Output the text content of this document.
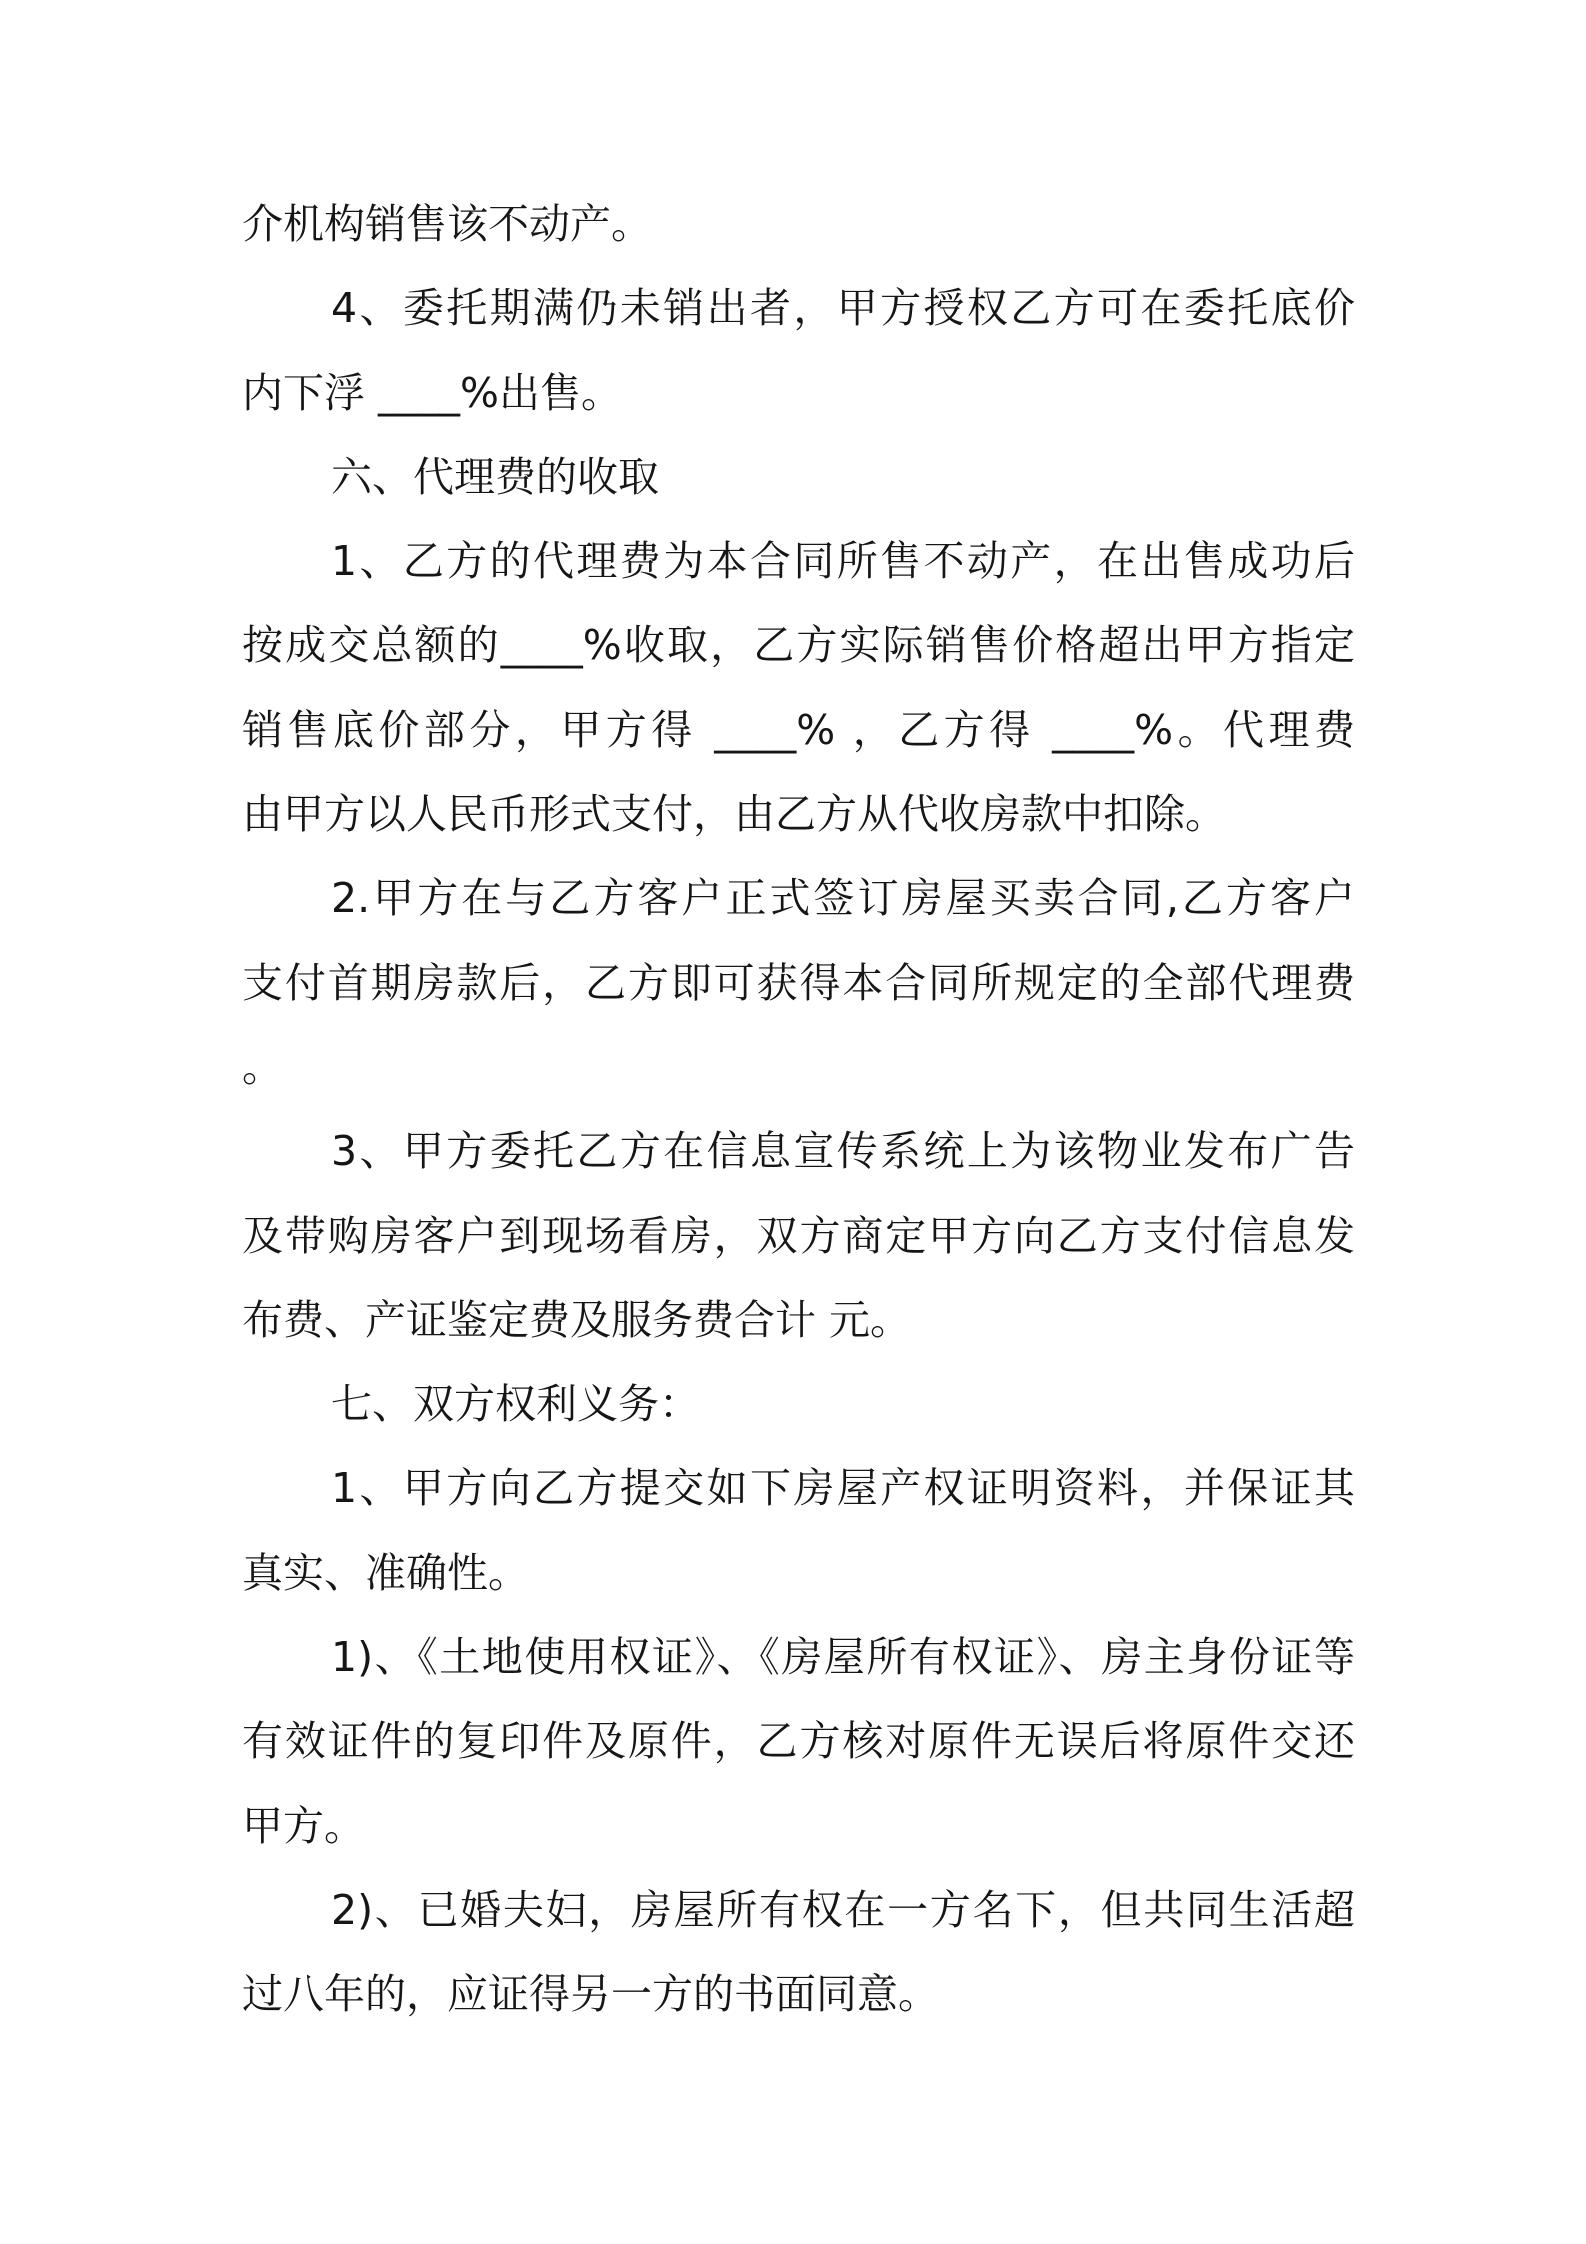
介机构销售该不动产。
4、委托期满仍未销出者，甲方授权乙方可在委托底价
内下浮 ____%出售。
六、代理费的收取
1、乙方的代理费为本合同所售不动产，在出售成功后
按成交总额的____%收取，乙方实际销售价格超出甲方指定
销售底价部分，甲方得 ____% ，乙方得 ____%。代理费
由甲方以人民币形式支付，由乙方从代收房款中扣除。
2.甲方在与乙方客户正式签订房屋买卖合同,乙方客户
支付首期房款后，乙方即可获得本合同所规定的全部代理费
。
3、甲方委托乙方在信息宣传系统上为该物业发布广告
及带购房客户到现场看房，双方商定甲方向乙方支付信息发
布费、产证鉴定费及服务费合计 元。
七、双方权利义务：
1、甲方向乙方提交如下房屋产权证明资料，并保证其
真实、准确性。
1)、《土地使用权证》、《房屋所有权证》、房主身份证等
有效证件的复印件及原件，乙方核对原件无误后将原件交还
甲方。
2)、已婚夫妇，房屋所有权在一方名下，但共同生活超
过八年的，应证得另一方的书面同意。
